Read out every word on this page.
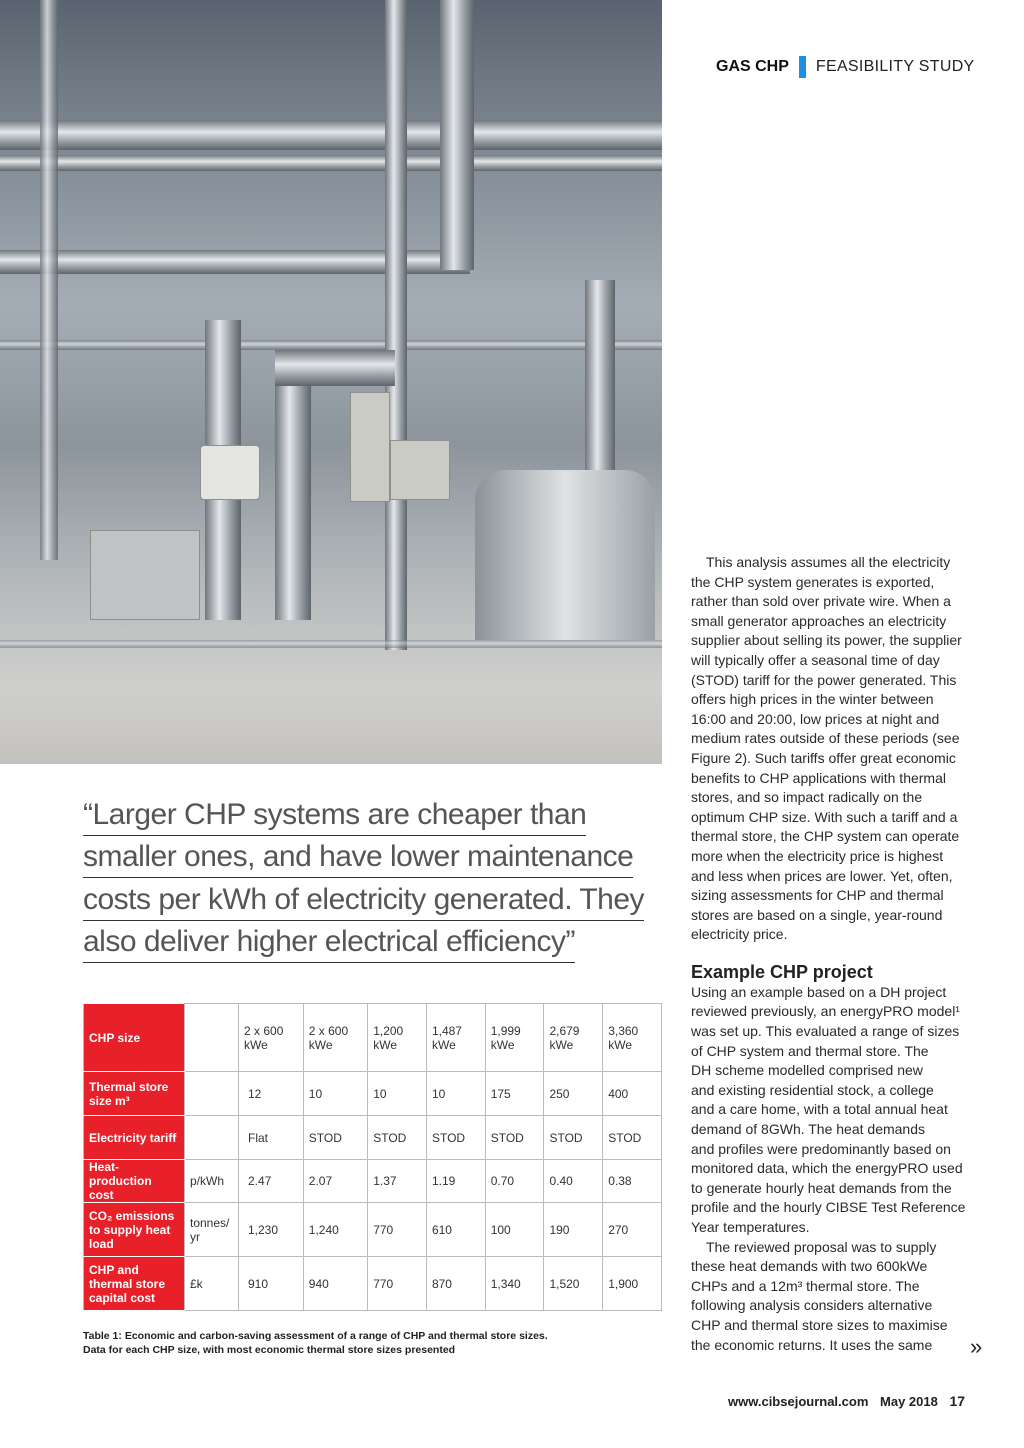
GAS CHP FEASIBILITY STUDY
“Larger CHP systems are cheaper than
smaller ones, and have lower maintenance
costs per kWh of electricity generated. They
also deliver higher electrical efficiency”
This analysis assumes all the electricity
the CHP system generates is exported,
rather than sold over private wire. When a
small generator approaches an electricity
supplier about selling its power, the supplier
will typically offer a seasonal time of day
(STOD) tariff for the power generated. This
offers high prices in the winter between
16:00 and 20:00, low prices at night and
medium rates outside of these periods (see
Figure 2). Such tariffs offer great economic
benefits to CHP applications with thermal
stores, and so impact radically on the
optimum CHP size. With such a tariff and a
thermal store, the CHP system can operate
more when the electricity price is highest
and less when prices are lower. Yet, often,
sizing assessments for CHP and thermal
stores are based on a single, year-round
electricity price.
Example CHP project
Using an example based on a DH project
reviewed previously, an energyPRO model¹
was set up. This evaluated a range of sizes
of CHP system and thermal store. The
DH scheme modelled comprised new
and existing residential stock, a college
and a care home, with a total annual heat
demand of 8GWh. The heat demands
and profiles were predominantly based on
monitored data, which the energyPRO used
to generate hourly heat demands from the
profile and the hourly CIBSE Test Reference
Year temperatures.
The reviewed proposal was to supply
these heat demands with two 600kWe
CHPs and a 12m³ thermal store. The
following analysis considers alternative
CHP and thermal store sizes to maximise
the economic returns. It uses the same
CHP size		2 x 600 kWe	2 x 600 kWe	1,200 kWe	1,487 kWe	1,999 kWe	2,679 kWe	3,360 kWe
Thermal store size m³		12	10	10	10	175	250	400
Electricity tariff		Flat	STOD	STOD	STOD	STOD	STOD	STOD
Heat-production cost	p/kWh	2.47	2.07	1.37	1.19	0.70	0.40	0.38
CO₂ emissions to supply heat load	tonnes/ yr	1,230	1,240	770	610	100	190	270
CHP and thermal store capital cost	£k	910	940	770	870	1,340	1,520	1,900
Table 1: Economic and carbon-saving assessment of a range of CHP and thermal store sizes.
Data for each CHP size, with most economic thermal store sizes presented	»
www.cibsejournal.com May 2018 17
